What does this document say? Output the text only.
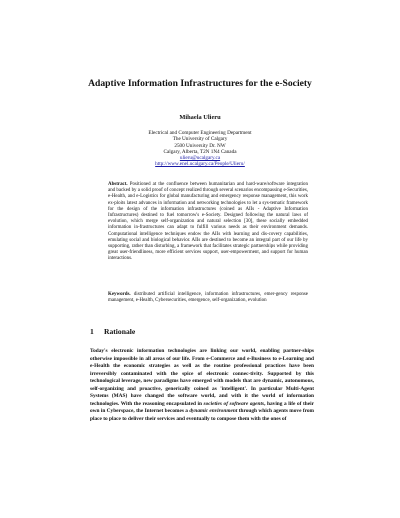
Adaptive Information Infrastructures for the e-Society
Mihaela Ulieru
Electrical and Computer Engineering Department
The University of Calgary
2500 University Dr. NW
Calgary, Alberta, T2N 1N4 Canada
ulieru@ucalgary.ca
http://www.enel.ucalgary.ca/People/Ulieru/
Abstract. Positioned at the confluence between humanitarian and hard-ware/software integration and backed by a solid proof of concept realized through several scenarios encompassing e-Securities, e-Health, and e-Logistics for global manufacturing and emergency response management, this work ex-ploits latest advances in information and networking technologies to let a sys-tematic framework for the design of the information infrastructures (coined as AIIs - Adaptive Information Infrastructures) destined to fuel tomorrow's e-Society. Designed following the natural laws of evolution, which merge self-organization and natural selection [30], these socially embedded information in-frastructures can adapt to fulfill various needs as their environment demands. Computational intelligence techniques endow the AIIs with learning and dis-covery capabilities, emulating social and biological behavior. AIIs are destined to become an integral part of our life by supporting, rather than disturbing, a framework that facilitates strategic partnerships while providing great user-friendliness, more efficient services support, user-empowerment, and support for human interactions.
Keywords. distributed artificial intelligence, information infrastructures, emer-gency response management, e-Health, Cybersecurities, emergence, self-organization, evolution
1 Rationale
Today's electronic information technologies are linking our world, enabling partner-ships otherwise impossible in all areas of our life. From e-Commerce and e-Business to e-Learning and e-Health the economic strategies as well as the routine professional practices have been irreversibly contaminated with the spice of electronic connec-tivity. Supported by this technological leverage, new paradigms have emerged with models that are dynamic, autonomous, self-organizing and proactive, generically coined as 'intelligent'. In particular Multi-Agent Systems (MAS) have changed the software world, and with it the world of information technologies. With the reasoning encapsulated in societies of software agents, having a life of their own in Cyberspace, the Internet becomes a dynamic environment through which agents move from place to place to deliver their services and eventually to compose them with the ones of
